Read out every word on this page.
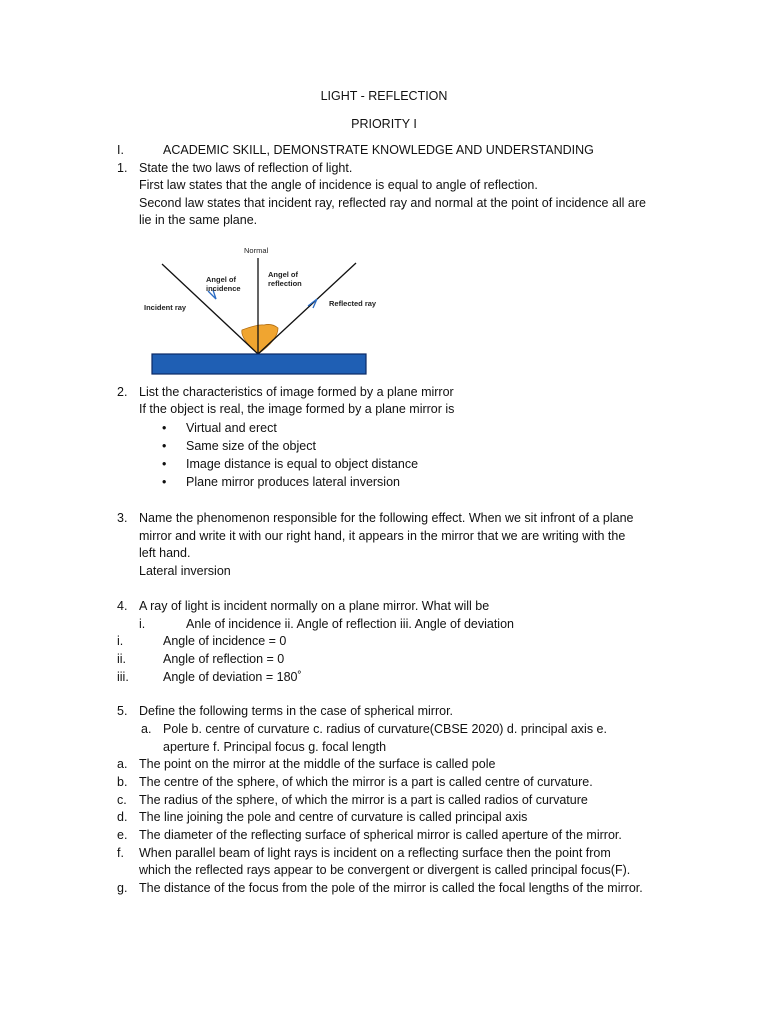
LIGHT - REFLECTION
PRIORITY I
I.	ACADEMIC SKILL, DEMONSTRATE KNOWLEDGE AND UNDERSTANDING
1. State the two laws of reflection of light.
First law states that the angle of incidence is equal to angle of reflection.
Second law states that incident ray, reflected ray and normal at the point of incidence all are
lie in the same plane.
Normal
Angel of
incidence
Angel of
reflection
Incident ray	Reflected ray
2. List the characteristics of image formed by a plane mirror
If the object is real, the image formed by a plane mirror is
• Virtual and erect
• Same size of the object
• Image distance is equal to object distance
• Plane mirror produces lateral inversion
3. Name the phenomenon responsible for the following effect. When we sit infront of a plane
mirror and write it with our right hand, it appears in the mirror that we are writing with the
left hand.
Lateral inversion
4. A ray of light is incident normally on a plane mirror. What will be
i.	Anle of incidence ii. Angle of reflection iii. Angle of deviation
i.	Angle of incidence = 0
ii.	Angle of reflection = 0
iii.	Angle of deviation = 180˚
5. Define the following terms in the case of spherical mirror.
a. Pole b. centre of curvature c. radius of curvature(CBSE 2020) d. principal axis e.
aperture f. Principal focus g. focal length
a. The point on the mirror at the middle of the surface is called pole
b. The centre of the sphere, of which the mirror is a part is called centre of curvature.
c. The radius of the sphere, of which the mirror is a part is called radios of curvature
d. The line joining the pole and centre of curvature is called principal axis
e. The diameter of the reflecting surface of spherical mirror is called aperture of the mirror.
f. When parallel beam of light rays is incident on a reflecting surface then the point from
which the reflected rays appear to be convergent or divergent is called principal focus(F).
g. The distance of the focus from the pole of the mirror is called the focal lengths of the mirror.
